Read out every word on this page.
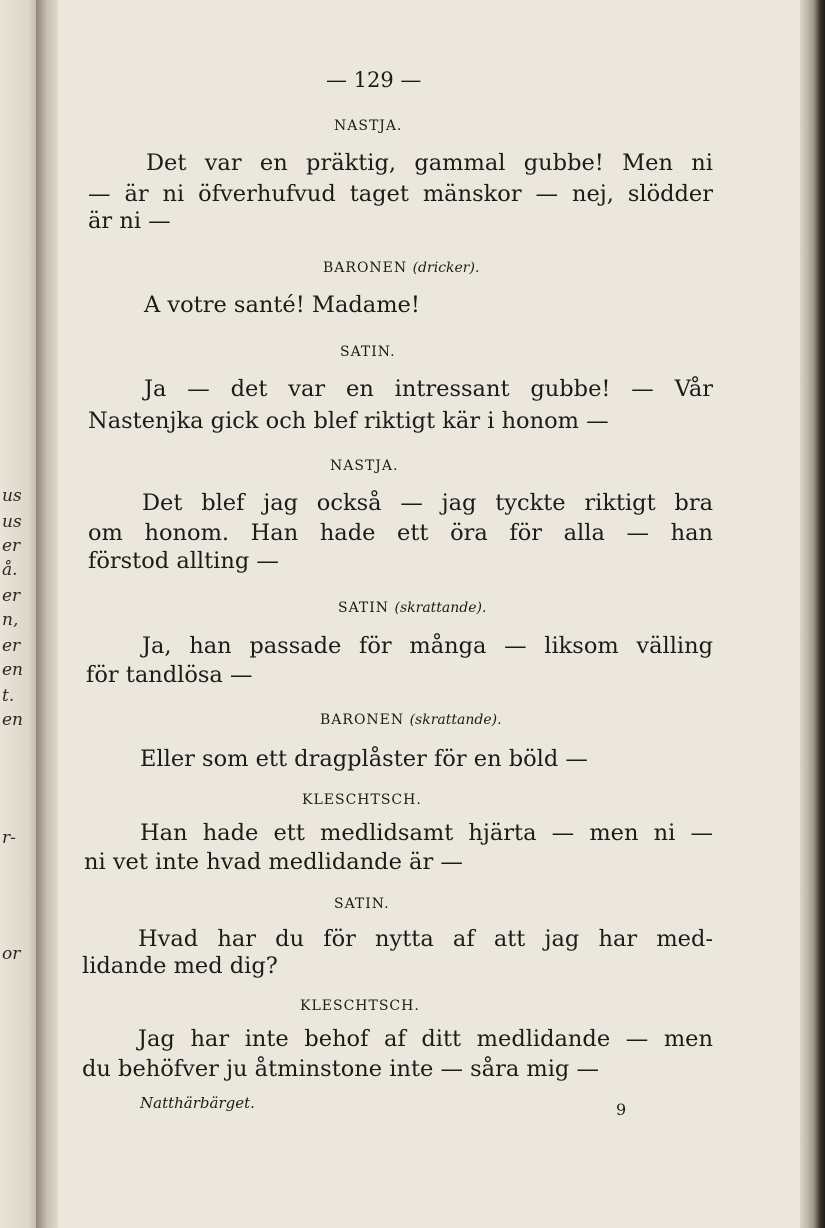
us
us
er
å.
er
n,
er
en
t.
en
r-
or
— 129 —
NASTJA.
Det var en präktig, gammal gubbe! Men ni
— är ni öfverhufvud taget mänskor — nej, slödder
är ni —
BARONEN (dricker).
A votre santé! Madame!
SATIN.
Ja — det var en intressant gubbe! — Vår
Nastenjka gick och blef riktigt kär i honom —
NASTJA.
Det blef jag också — jag tyckte riktigt bra
om honom. Han hade ett öra för alla — han
förstod allting —
SATIN (skrattande).
Ja, han passade för många — liksom välling
för tandlösa —
BARONEN (skrattande).
Eller som ett dragplåster för en böld —
KLESCHTSCH.
Han hade ett medlidsamt hjärta — men ni —
ni vet inte hvad medlidande är —
SATIN.
Hvad har du för nytta af att jag har med-
lidande med dig?
KLESCHTSCH.
Jag har inte behof af ditt medlidande — men
du behöfver ju åtminstone inte — såra mig —
Natthärbärget.	9
